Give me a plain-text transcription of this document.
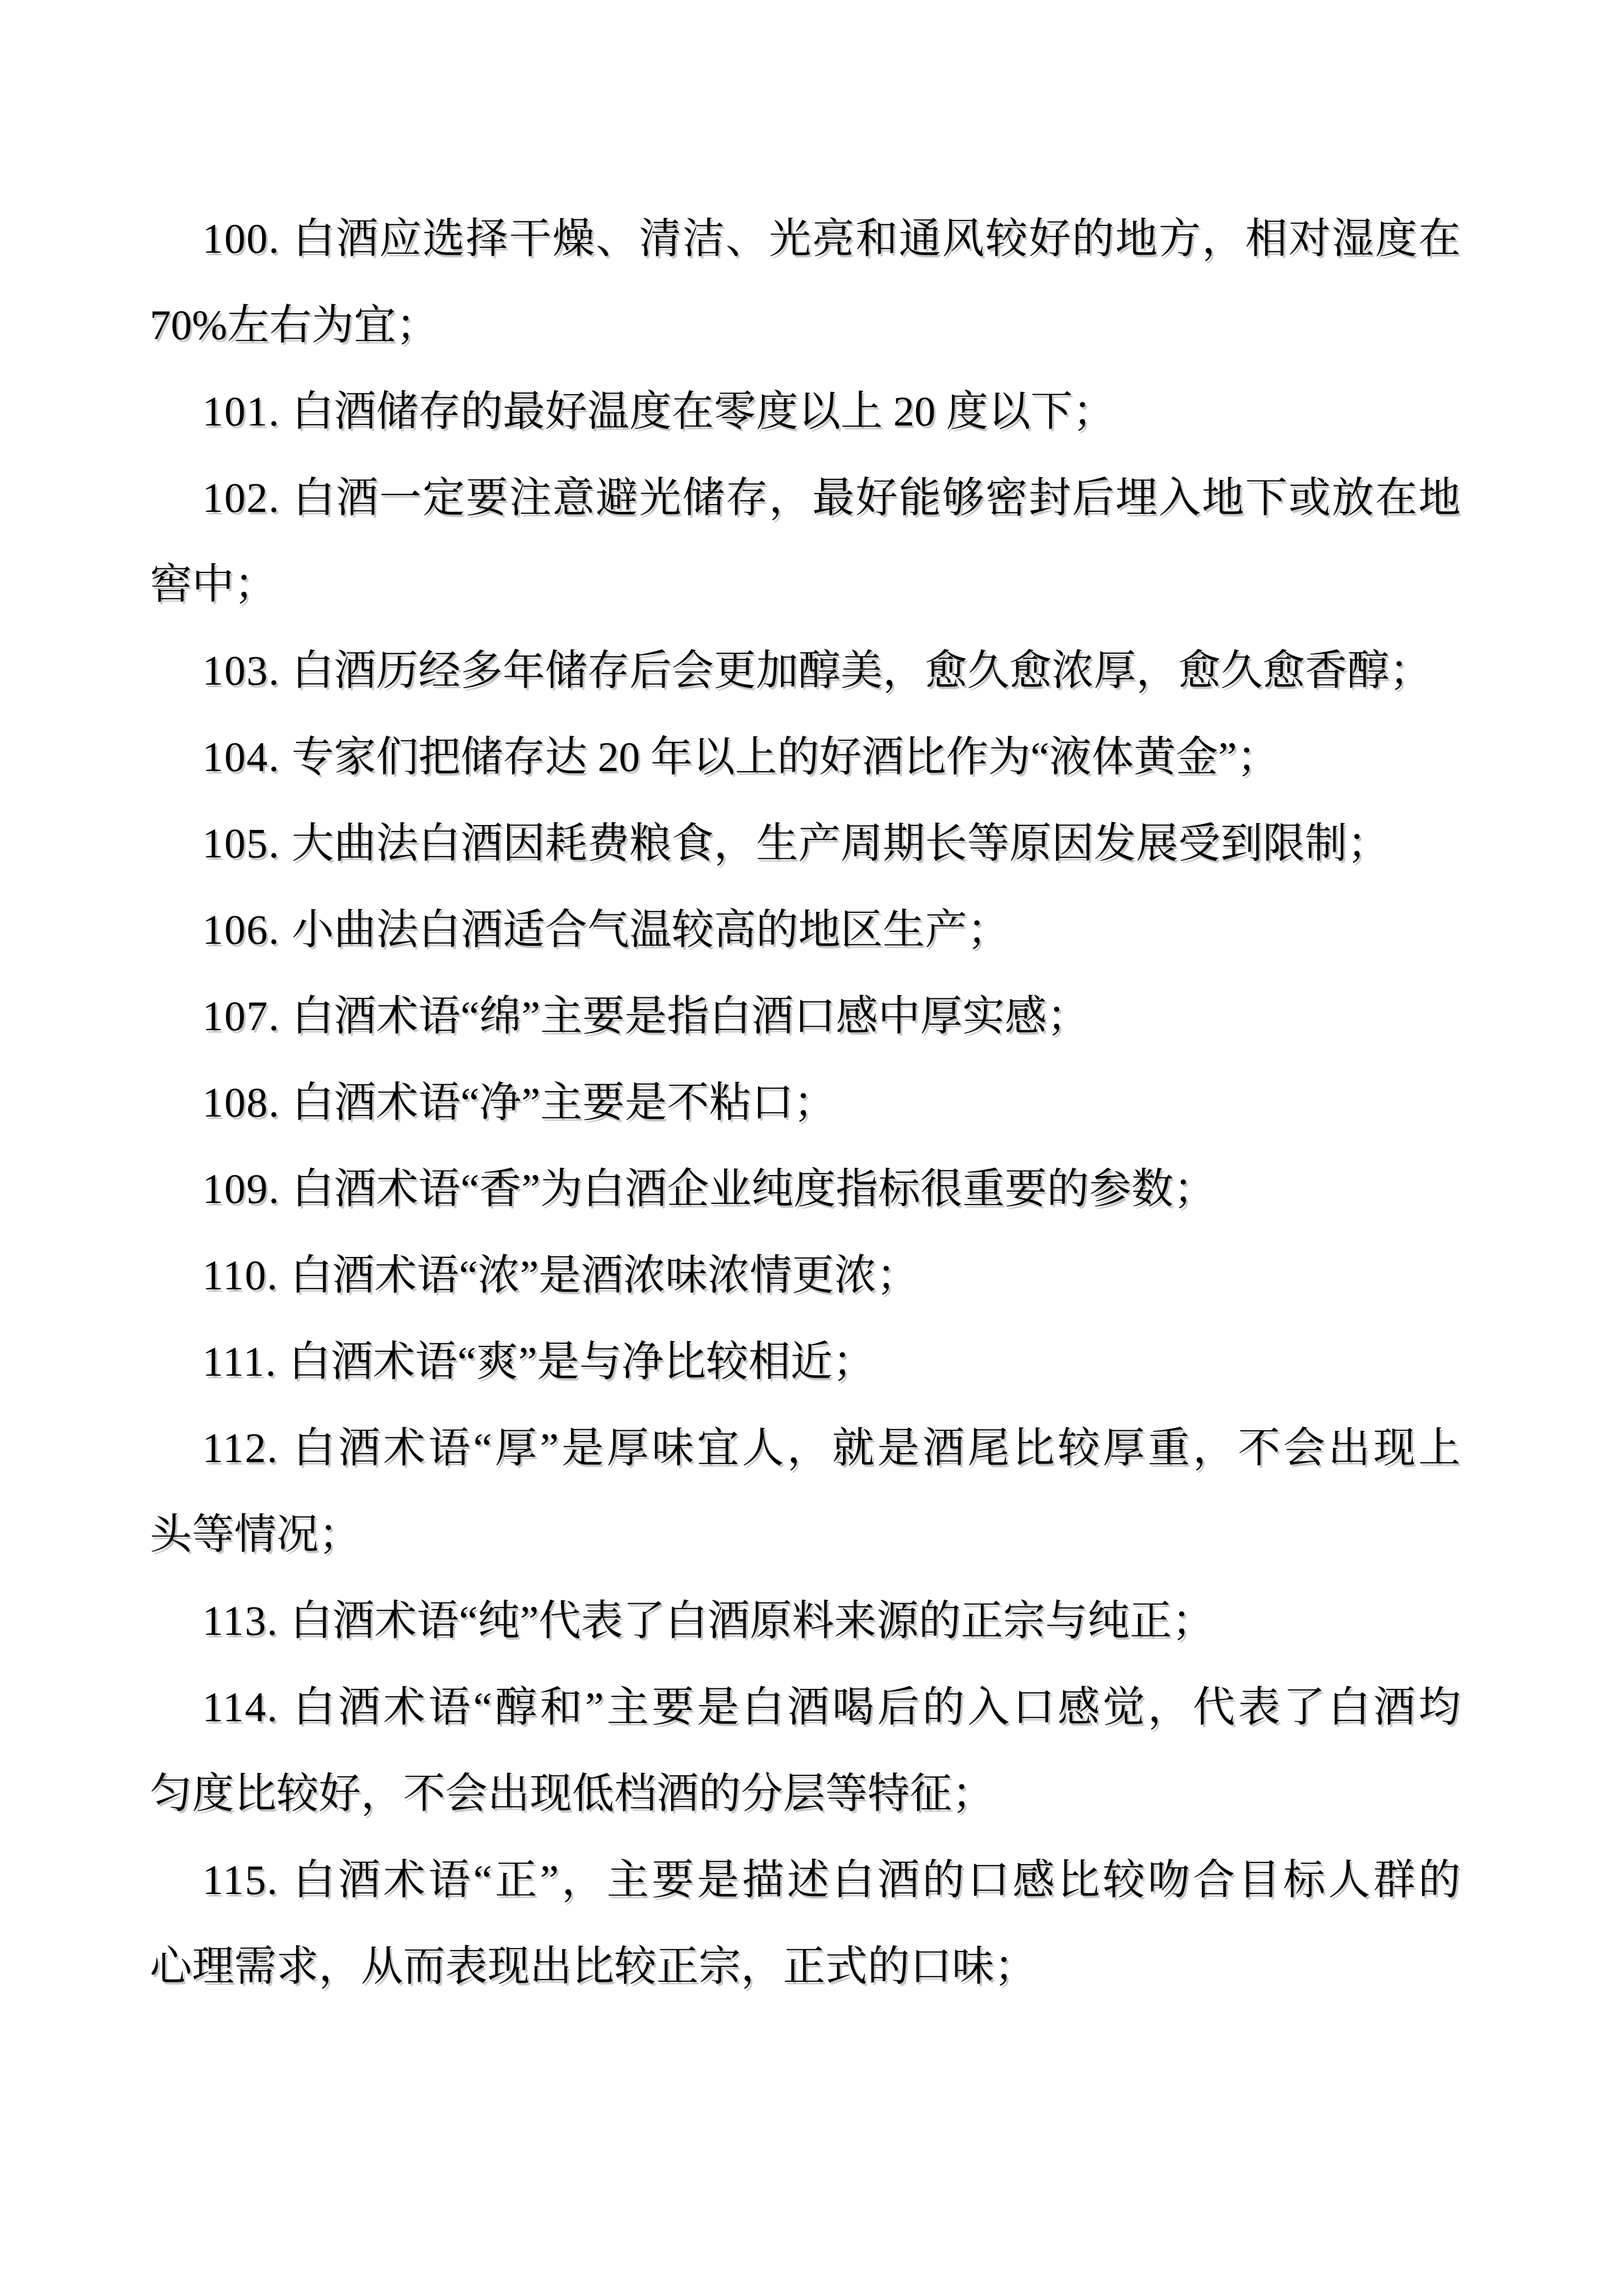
100. 白酒应选择干燥、清洁、光亮和通风较好的地方，相对湿度在
70%左右为宜；
101. 白酒储存的最好温度在零度以上 20 度以下；
102. 白酒一定要注意避光储存，最好能够密封后埋入地下或放在地
窖中；
103. 白酒历经多年储存后会更加醇美，愈久愈浓厚，愈久愈香醇；
104. 专家们把储存达 20 年以上的好酒比作为“液体黄金”；
105. 大曲法白酒因耗费粮食，生产周期长等原因发展受到限制；
106. 小曲法白酒适合气温较高的地区生产；
107. 白酒术语“绵”主要是指白酒口感中厚实感；
108. 白酒术语“净”主要是不粘口；
109. 白酒术语“香”为白酒企业纯度指标很重要的参数；
110. 白酒术语“浓”是酒浓味浓情更浓；
111. 白酒术语“爽”是与净比较相近；
112. 白酒术语“厚”是厚味宜人，就是酒尾比较厚重，不会出现上
头等情况；
113. 白酒术语“纯”代表了白酒原料来源的正宗与纯正；
114. 白酒术语“醇和”主要是白酒喝后的入口感觉，代表了白酒均
匀度比较好，不会出现低档酒的分层等特征；
115. 白酒术语“正”，主要是描述白酒的口感比较吻合目标人群的
心理需求，从而表现出比较正宗，正式的口味；
